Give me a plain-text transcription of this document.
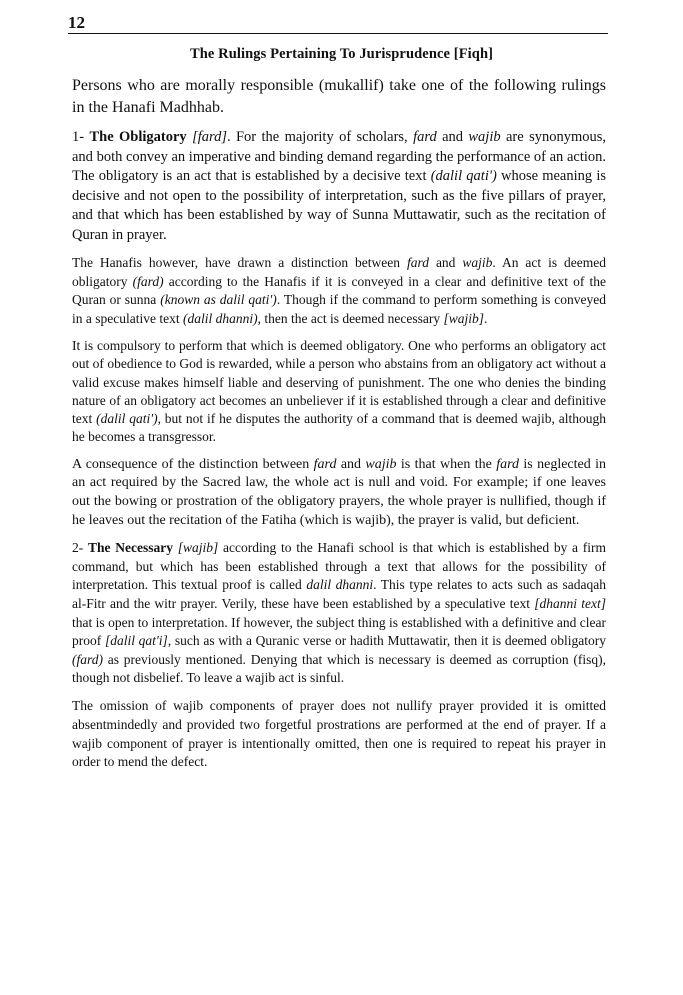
12
The Rulings Pertaining To Jurisprudence [Fiqh]

Persons who are morally responsible (mukallif) take one of the following rulings in the Hanafi Madhhab.

1- The Obligatory [fard]. For the majority of scholars, fard and wajib are synonymous, and both convey an imperative and binding demand regarding the performance of an action. The obligatory is an act that is established by a decisive text (dalil qati') whose meaning is decisive and not open to the possibility of interpretation, such as the five pillars of prayer, and that which has been established by way of Sunna Muttawatir, such as the recitation of Quran in prayer.

The Hanafis however, have drawn a distinction between fard and wajib. An act is deemed obligatory (fard) according to the Hanafis if it is conveyed in a clear and definitive text of the Quran or sunna (known as dalil qati'). Though if the command to perform something is conveyed in a speculative text (dalil dhanni), then the act is deemed necessary [wajib].

It is compulsory to perform that which is deemed obligatory. One who performs an obligatory act out of obedience to God is rewarded, while a person who abstains from an obligatory act without a valid excuse makes himself liable and deserving of punishment. The one who denies the binding nature of an obligatory act becomes an unbeliever if it is established through a clear and definitive text (dalil qati'), but not if he disputes the authority of a command that is deemed wajib, although he becomes a transgressor.

A consequence of the distinction between fard and wajib is that when the fard is neglected in an act required by the Sacred law, the whole act is null and void. For example; if one leaves out the bowing or prostration of the obligatory prayers, the whole prayer is nullified, though if he leaves out the recitation of the Fatiha (which is wajib), the prayer is valid, but deficient.

2- The Necessary [wajib] according to the Hanafi school is that which is established by a firm command, but which has been established through a text that allows for the possibility of interpretation. This textual proof is called dalil dhanni. This type relates to acts such as sadaqah al-Fitr and the witr prayer. Verily, these have been established by a speculative text [dhanni text] that is open to interpretation. If however, the subject thing is established with a definitive and clear proof [dalil qat'i], such as with a Quranic verse or hadith Muttawatir, then it is deemed obligatory (fard) as previously mentioned. Denying that which is necessary is deemed as corruption (fisq), though not disbelief. To leave a wajib act is sinful.

The omission of wajib components of prayer does not nullify prayer provided it is omitted absentmindedly and provided two forgetful prostrations are performed at the end of prayer. If a wajib component of prayer is intentionally omitted, then one is required to repeat his prayer in order to mend the defect.
